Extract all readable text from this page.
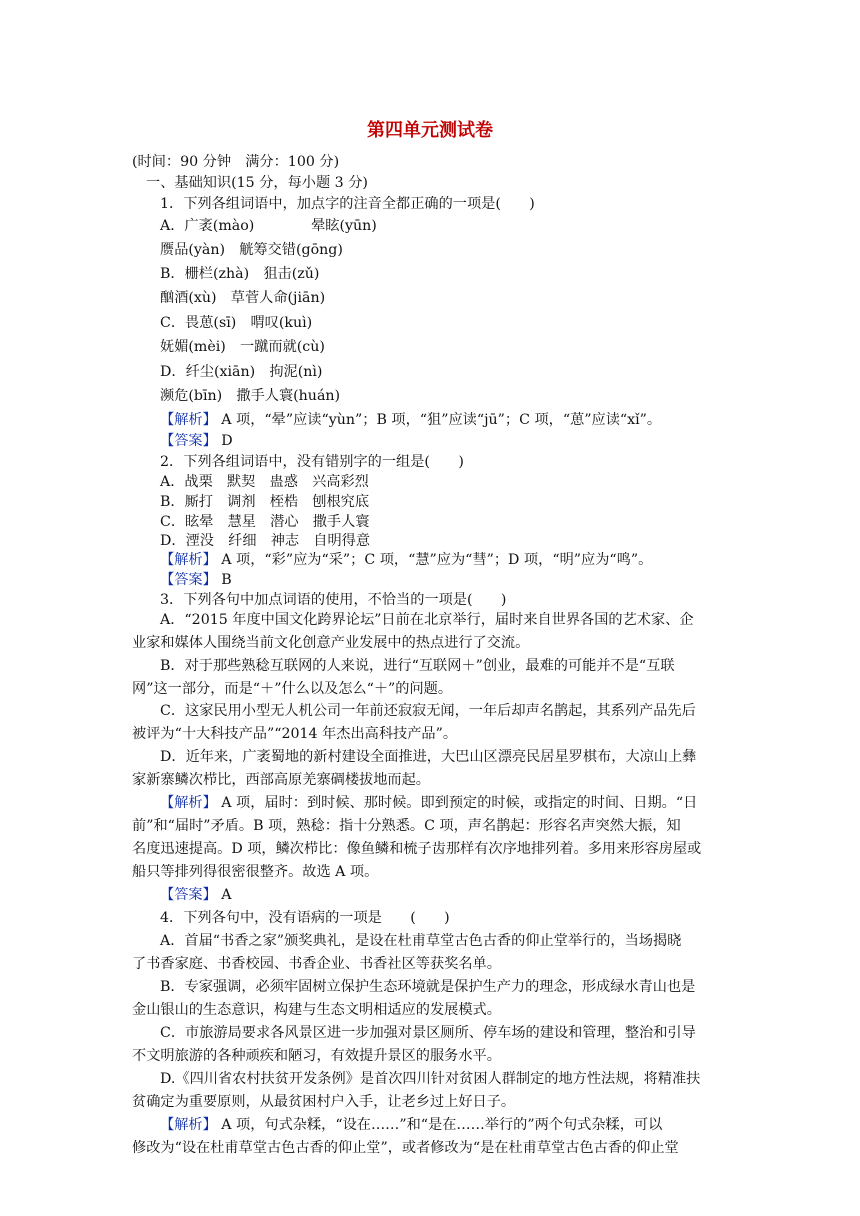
第四单元测试卷
(时间：90 分钟　满分：100 分)
一、基础知识(15 分，每小题 3 分)
1．下列各组词语中，加点字的注音全都正确的一项是(　　)
A．广袤(mào)　　　　晕眩(yūn)
赝品(yàn)　觥筹交错(gōng)
B．栅栏(zhà)　狙击(zǔ)
酗酒(xù)　草菅人命(jiān)
C．畏葸(sī)　喟叹(kuì)
妩媚(mèi)　一蹴而就(cù)
D．纤尘(xiān)　拘泥(nì)
濒危(bīn)　撒手人寰(huán)
【解析】 A 项，“晕”应读“yùn”；B 项，“狙”应读“jū”；C 项，“葸”应读“xǐ”。
【答案】 D
2．下列各组词语中，没有错别字的一组是(　　)
A．战栗　默契　蛊惑　兴高彩烈
B．厮打　调剂　桎梏　刨根究底
C．眩晕　慧星　潜心　撒手人寰
D．湮没　纤细　神志　自明得意
【解析】 A 项，“彩”应为“采”；C 项，“慧”应为“彗”；D 项，“明”应为“鸣”。
【答案】 B
3．下列各句中加点词语的使用，不恰当的一项是(　　)
A．“2015 年度中国文化跨界论坛”日前在北京举行，届时来自世界各国的艺术家、企
业家和媒体人围绕当前文化创意产业发展中的热点进行了交流。
B．对于那些熟稔互联网的人来说，进行“互联网＋”创业，最难的可能并不是“互联
网”这一部分，而是“＋”什么以及怎么“＋”的问题。
C．这家民用小型无人机公司一年前还寂寂无闻，一年后却声名鹊起，其系列产品先后
被评为“十大科技产品”“2014 年杰出高科技产品”。
D．近年来，广袤蜀地的新村建设全面推进，大巴山区漂亮民居星罗棋布，大凉山上彝
家新寨鳞次栉比，西部高原羌寨碉楼拔地而起。
【解析】 A 项，届时：到时候、那时候。即到预定的时候，或指定的时间、日期。“日
前”和“届时”矛盾。B 项，熟稔：指十分熟悉。C 项，声名鹊起：形容名声突然大振，知
名度迅速提高。D 项，鳞次栉比：像鱼鳞和梳子齿那样有次序地排列着。多用来形容房屋或
船只等排列得很密很整齐。故选 A 项。
【答案】 A
4．下列各句中，没有语病的一项是　　(　　)
A．首届“书香之家”颁奖典礼，是设在杜甫草堂古色古香的仰止堂举行的，当场揭晓
了书香家庭、书香校园、书香企业、书香社区等获奖名单。
B．专家强调，必须牢固树立保护生态环境就是保护生产力的理念，形成绿水青山也是
金山银山的生态意识，构建与生态文明相适应的发展模式。
C．市旅游局要求各风景区进一步加强对景区厕所、停车场的建设和管理，整治和引导
不文明旅游的各种顽疾和陋习，有效提升景区的服务水平。
D.《四川省农村扶贫开发条例》是首次四川针对贫困人群制定的地方性法规，将精准扶
贫确定为重要原则，从最贫困村户入手，让老乡过上好日子。
【解析】 A 项，句式杂糅，“设在……”和“是在……举行的”两个句式杂糅，可以
修改为“设在杜甫草堂古色古香的仰止堂”，或者修改为“是在杜甫草堂古色古香的仰止堂
